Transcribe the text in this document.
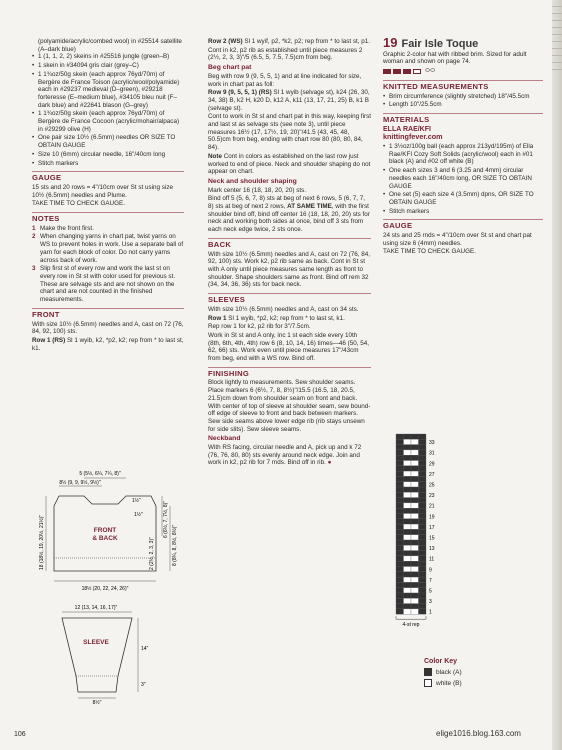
(polyamide/acrylic/combed wool) in #25514 satellite (A–dark blue)
• 1 (1, 1, 2, 2) skeins in #25516 jungle (green–B)
• 1 skein in #34094 gris clair (grey–C)
• 1 1¾oz/50g skein (each approx 76yd/70m) of Bergère de France Toison (acrylic/wool/polyamide) each in #29237 medieval (D–green), #29218 forteresse (E–medium blue), #34105 bleu nuit (F–dark blue) and #22641 blason (G–grey)
• 1 1¾oz/50g skein (each approx 76yd/70m) of Bergère de France Cocoon (acrylic/mohair/alpaca) in #29299 olive (H)
• One pair size 10½ (6.5mm) needles OR SIZE TO OBTAIN GAUGE
• Size 10 (6mm) circular needle, 16"/40cm long
• Stitch markers
GAUGE

15 sts and 20 rows = 4"/10cm over St st using size 10½ (6.5mm) needles and Plume.

TAKE TIME TO CHECK GAUGE.

NOTES
1 Make the front first.
2 When changing yarns in chart pat, twist yarns on WS to prevent holes in work. Use a separate ball of yarn for each block of color. Do not carry yarns across back of work.
3 Slip first st of every row and work the last st on every row in St st with color used for previous st. These are selvage sts and are not shown on the chart and are not counted in the finished measurements.
FRONT

With size 10½ (6.5mm) needles and A, cast on 72 (76, 84, 92, 100) sts.

Row 1 (RS) Sl 1 wyib, k2, *p2, k2; rep from * to last st, k1.

5 (5½, 6¼, 7¼, 8)"
8½ (9, 9, 9½, 9½)"
1½"
1½"
FRONT
& BACK
18½ (20, 22, 24, 26)"
18 (18½, 19, 20½, 21½)"	2 (2½, 2, 3, 3)"
6 (6½, 7, 7½, 8)"
8 (8¼, 8, 8½, 8½)"
12 (13, 14, 16, 17)"
14"
3"
SLEEVE
8½"

Row 2 (WS) Sl 1 wyif, p2, *k2, p2; rep from * to last st, p1.

Cont in k2, p2 rib as established until piece measures 2 (2½, 2, 3, 3)"/5 (6.5, 5, 7.5, 7.5)cm from beg.

Beg chart pat

Beg with row 9 (9, 5, 5, 1) and at line indicated for size, work in chart pat as foll:

Row 9 (9, 5, 5, 1) (RS) Sl 1 wyib (selvage st), k24 (26, 30, 34, 38) B, k2 H, k20 D, k12 A, k11 (13, 17, 21, 25) B, k1 B (selvage st).

Cont to work in St st and chart pat in this way, keeping first and last st as selvage sts (see note 3), until piece measures 16½ (17, 17½, 19, 20)"/41.5 (43, 45, 48, 50.5)cm from beg, ending with chart row 80 (80, 80, 84, 84).

Note Cont in colors as established on the last row just worked to end of piece. Neck and shoulder shaping do not appear on chart.

Neck and shoulder shaping

Mark center 16 (18, 18, 20, 20) sts.

Bind off 5 (5, 6, 7, 8) sts at beg of next 6 rows, 5 (6, 7, 7, 8) sts at beg of next 2 rows, AT SAME TIME, with the first shoulder bind off, bind off center 16 (18, 18, 20, 20) sts for neck and working both sides at once, bind off 3 sts from each neck edge twice, 2 sts once.

BACK

With size 10½ (6.5mm) needles and A, cast on 72 (76, 84, 92, 100) sts. Work k2, p2 rib same as back. Cont in St st with A only until piece measures same length as front to shoulder. Shape shoulders same as front. Bind off rem 32 (34, 34, 36, 36) sts for back neck.

SLEEVES

With size 10½ (6.5mm) needles and A, cast on 34 sts.

Row 1 Sl 1 wyib, *p2, k2; rep from * to last st, k1.

Rep row 1 for k2, p2 rib for 3"/7.5cm.

Work in St st and A only, inc 1 st each side every 10th (8th, 6th, 4th, 4th) row 6 (8, 10, 14, 16) times—46 (50, 54, 62, 66) sts. Work even until piece measures 17"/43cm from beg, end with a WS row. Bind off.

FINISHING

Block lightly to measurements. Sew shoulder seams. Place markers 6 (6½, 7, 8, 8½)"/15.5 (16.5, 18, 20.5, 21.5)cm down from shoulder seam on front and back. With center of top of sleeve at shoulder seam, sew bound-off edge of sleeve to front and back between markers. Sew side seams above lower edge rib (rib stays unsewn for side slits). Sew sleeve seams.

Neckband

With RS facing, circular needle and A, pick up and k 72 (76, 76, 80, 80) sts evenly around neck edge. Join and work in k2, p2 rib for 7 rnds. Bind off in rib. ●

19 Fair Isle Toque

Graphic 2-color hat with ribbed brim. Sized for adult woman and shown on page 74.

⬭⬭
KNITTED MEASUREMENTS
• Brim circumference (slightly stretched) 18"/45.5cm
• Length 10"/25.5cm
MATERIALS
ELLA RAE/KFI
knittingfever.com
• 1 3½oz/100g ball (each approx 213yd/195m) of Ella Rae/KFI Cozy Soft Solids (acrylic/wool) each in #01 black (A) and #02 off white (B)
• One each sizes 3 and 6 (3.25 and 4mm) circular needles each 16"/40cm long, OR SIZE TO OBTAIN GAUGE
• One set (5) each size 4 (3.5mm) dpns, OR SIZE TO OBTAIN GAUGE
• Stitch markers
GAUGE

24 sts and 25 rnds = 4"/10cm over St st and chart pat using size 6 (4mm) needles.

TAKE TIME TO CHECK GAUGE.

33
31
29
27
25
23
21
19
17
15
13
11
9
7
5
3
1
4-st rep
Color Key
black (A)
white (B)
106	elige1016.blog.163.com
